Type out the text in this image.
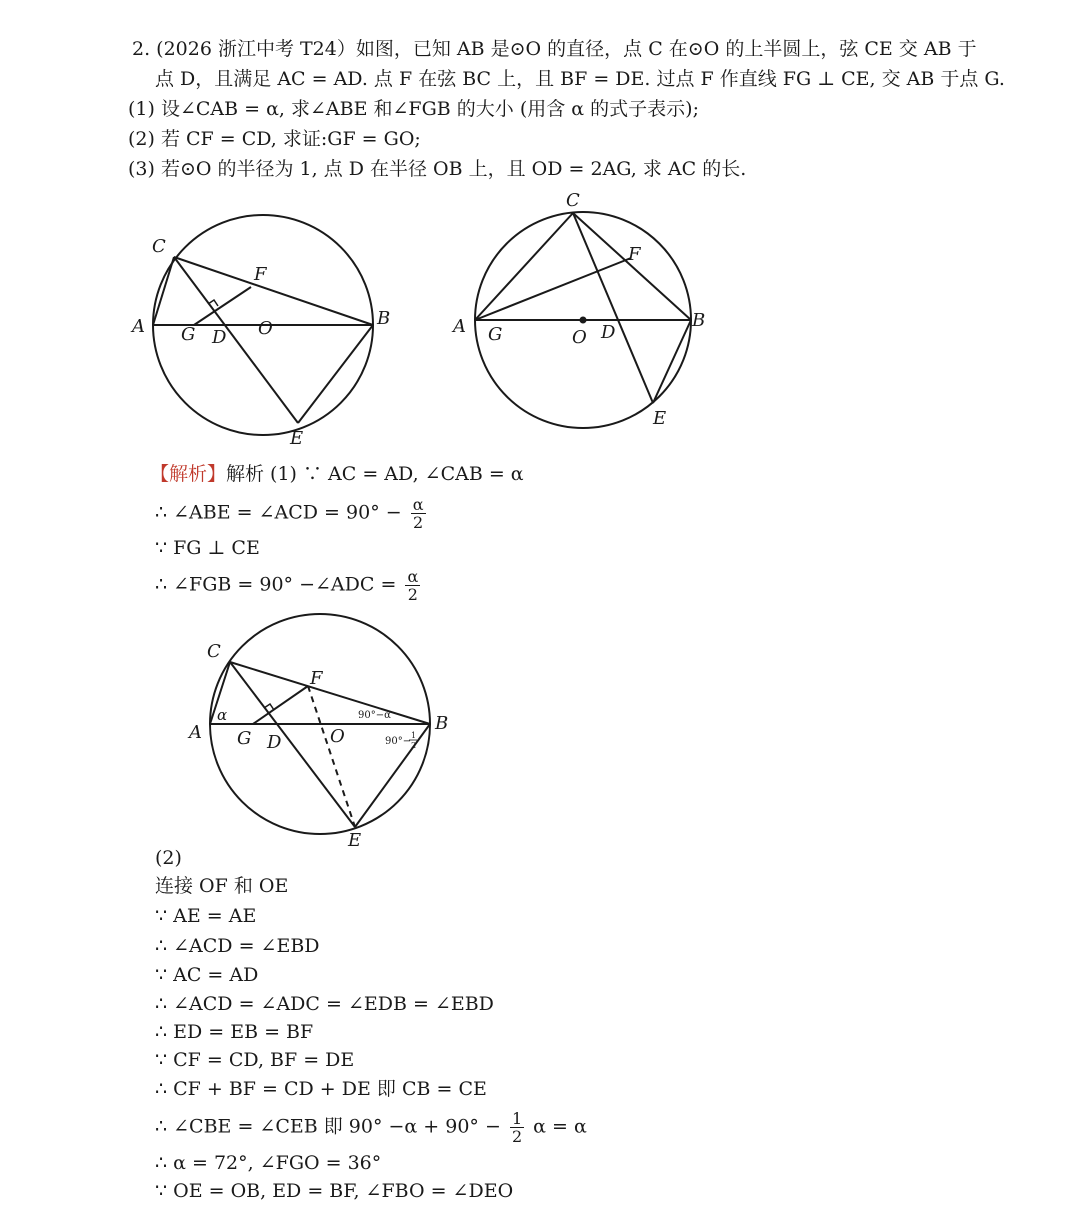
2. (2026 浙江中考 T24）如图，已知 AB 是⊙O 的直径，点 C 在⊙O 的上半圆上，弦 CE 交 AB 于
点 D，且满足 AC = AD. 点 F 在弦 BC 上，且 BF = DE. 过点 F 作直线 FG ⊥ CE, 交 AB 于点 G.
(1) 设∠CAB = α, 求∠ABE 和∠FGB 的大小 (用含 α 的式子表示);
(2) 若 CF = CD, 求证:GF = GO;
(3) 若⊙O 的半径为 1, 点 D 在半径 OB 上，且 OD = 2AG, 求 AC 的长.
C
F
A G D O	B
E
C
F
A G	O D
B
E
【解析】解析 (1) ∵ AC = AD, ∠CAB = α
∴ ∠ABE = ∠ACD = $90^\circ - \frac{\alpha}{2}$
∵ FG ⊥ CE
∴ ∠FGB = 90° −∠ADC = $\frac{\alpha}{2}$
C
F
α	90°−α
A G D	O
B
90°−
1
2
E
(2)
连接 OF 和 OE
∵ AE = AE
∴ ∠ACD = ∠EBD
∵ AC = AD
∴ ∠ACD = ∠ADC = ∠EDB = ∠EBD
∴ ED = EB = BF
∵ CF = CD, BF = DE
∴ CF + BF = CD + DE 即 CB = CE
∴ ∠CBE = ∠CEB 即 $90^\circ -\alpha + 90^\circ - \frac{1}{2}$ α = α
∴ α = 72°, ∠FGO = 36°
∵ OE = OB, ED = BF, ∠FBO = ∠DEO
